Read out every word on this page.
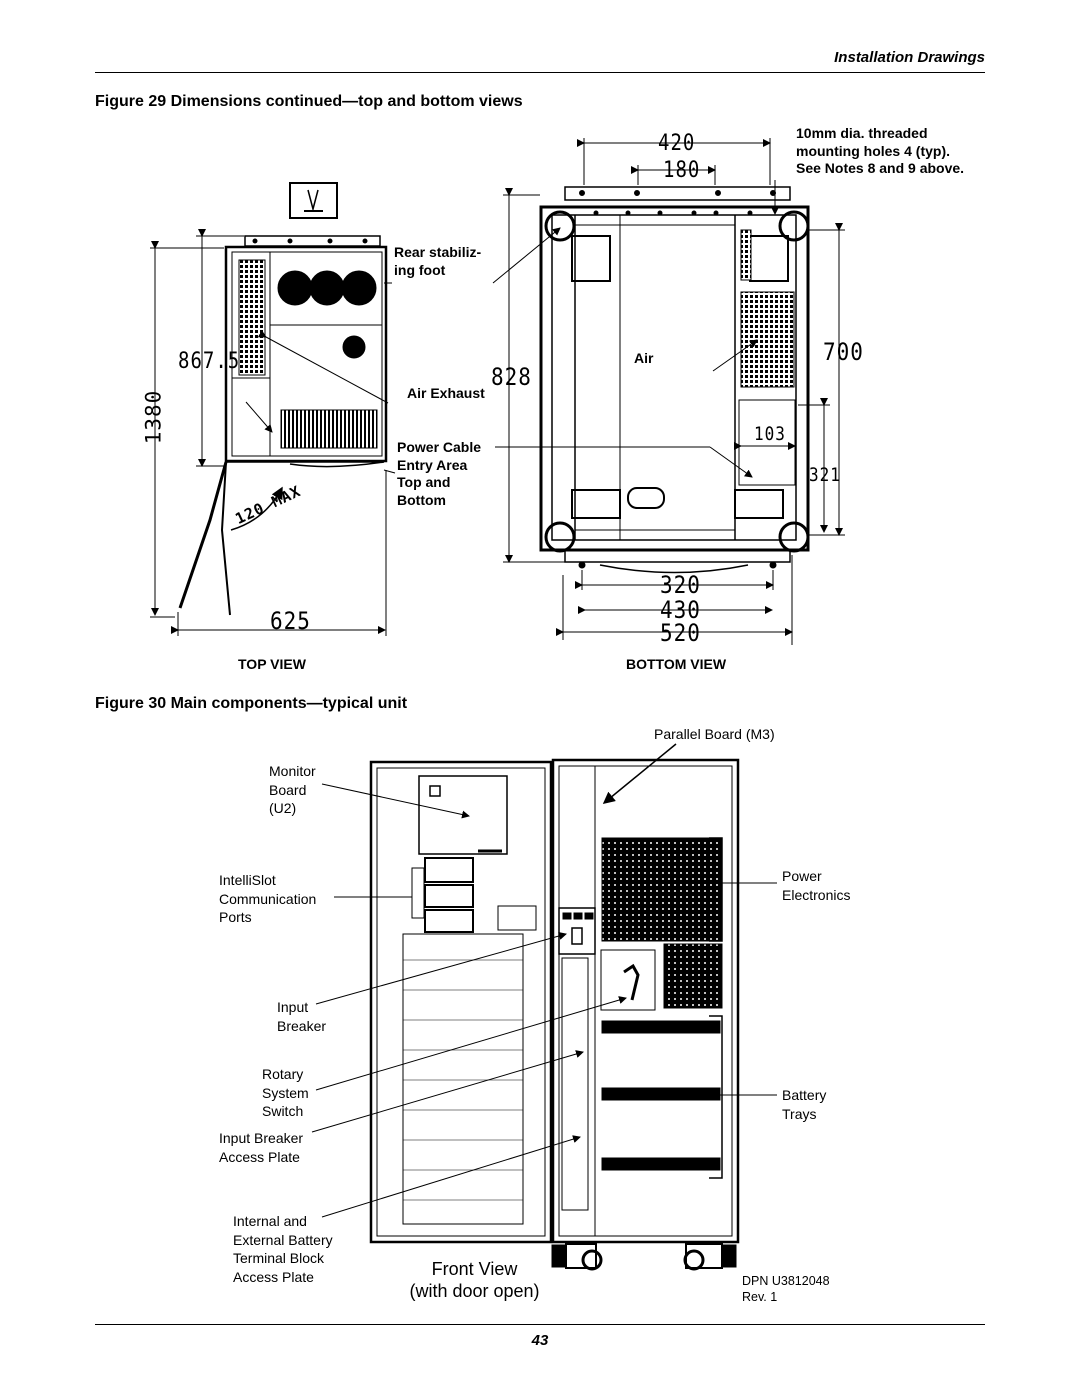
Installation Drawings
Figure 29 Dimensions continued—top and bottom views
420
180
1380
867.5
828
700
103
321
625
320
430
520
120 MAX
10mm dia. threaded
mounting holes 4 (typ).
See Notes 8 and 9 above.
Rear stabiliz-
ing foot
Air Exhaust
Power Cable
Entry Area
Top and
Bottom
Air
TOP VIEW	BOTTOM VIEW
Figure 30 Main components—typical unit
Monitor
Board
(U2)
IntelliSlot
Communication
Ports
Input
Breaker
Rotary
System
Switch
Input Breaker
Access Plate
Internal and
External Battery
Terminal Block
Access Plate
Parallel Board (M3)
Power
Electronics
Battery
Trays
Front View
(with door open)	DPN U3812048
Rev. 1
43
